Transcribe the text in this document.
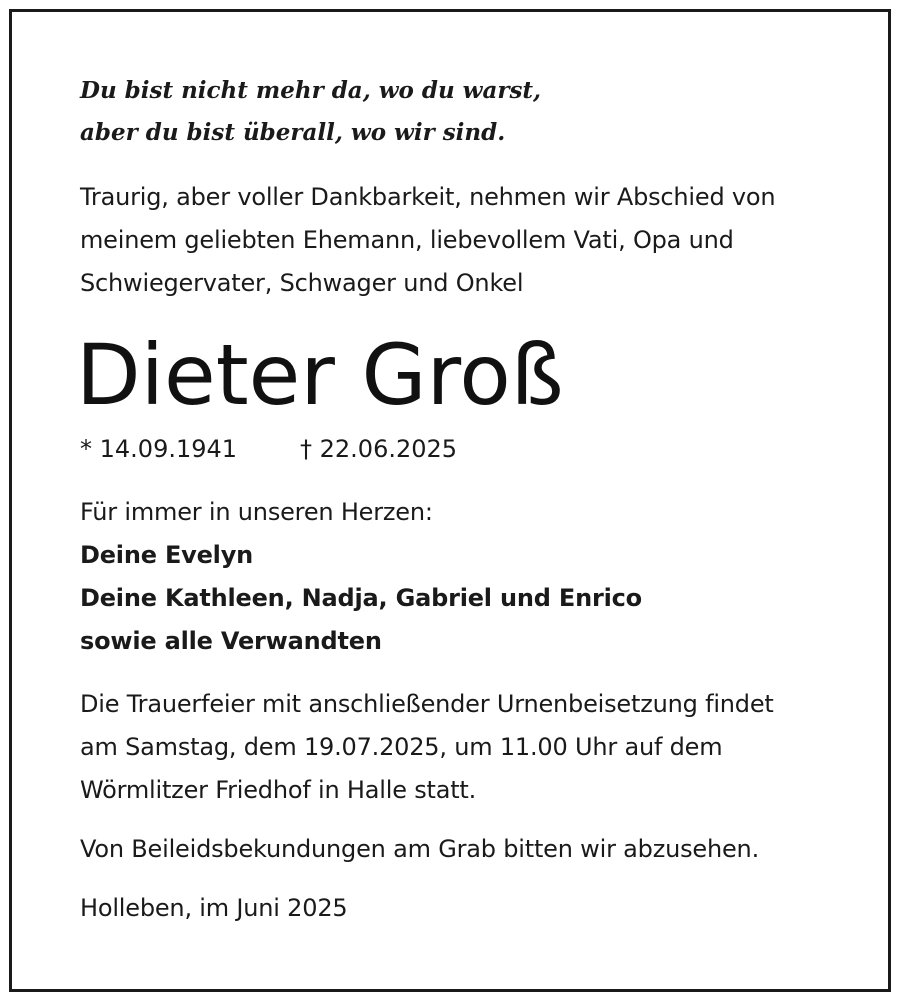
Du bist nicht mehr da, wo du warst,

aber du bist überall, wo wir sind.

Traurig, aber voller Dankbarkeit, nehmen wir Abschied von

meinem geliebten Ehemann, liebevollem Vati, Opa und

Schwiegervater, Schwager und Onkel

Dieter Groß
* 14.09.1941	† 22.06.2025

Für immer in unseren Herzen:

Deine Evelyn

Deine Kathleen, Nadja, Gabriel und Enrico

sowie alle Verwandten

Die Trauerfeier mit anschließender Urnenbeisetzung findet

am Samstag, dem 19.07.2025, um 11.00 Uhr auf dem

Wörmlitzer Friedhof in Halle statt.

Von Beileidsbekundungen am Grab bitten wir abzusehen.

Holleben, im Juni 2025
